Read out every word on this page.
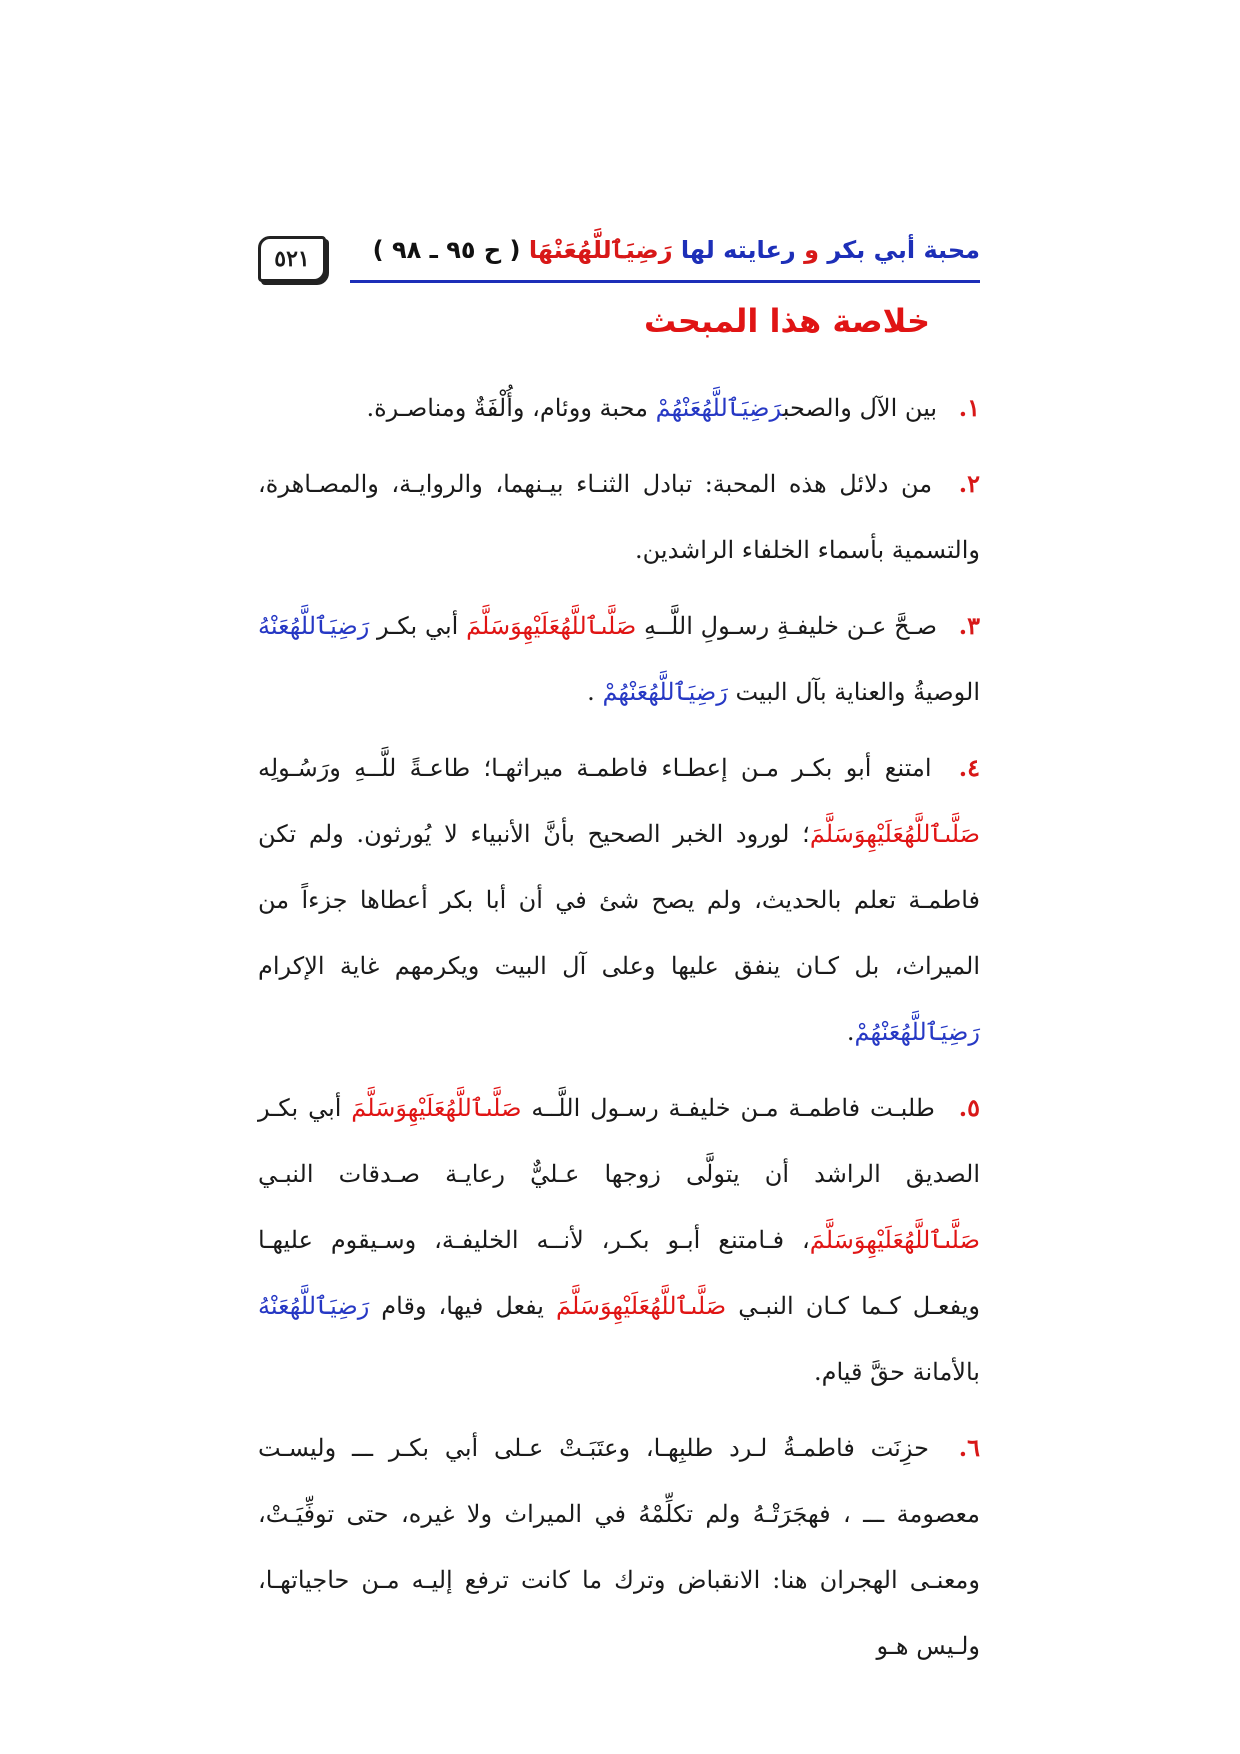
٥٢١	محبة أبي بكر و رعايته لها رَضِيَٱللَّهُعَنْهَا ( ح ٩٥ ـ ٩٨ )
خلاصة هذا المبحث

١. بين الآل والصحبرَضِيَٱللَّهُعَنْهُمْ محبة ووئام، وأُلْفَةٌ ومناصـرة.

٢. من دلائل هذه المحبة: تبادل الثنـاء بيـنهما، والروايـة، والمصـاهرة، والتسمية بأسماء الخلفاء الراشدين.

٣. صـحَّ عـن خليفـةِ رسـولِ اللَّــهِ صَلَّىٱللَّهُعَلَيْهِوَسَلَّمَ أبي بكـر رَضِيَٱللَّهُعَنْهُ الوصيةُ والعناية بآل البيت رَضِيَٱللَّهُعَنْهُمْ .

٤. امتنع أبو بكـر مـن إعطـاء فاطمـة ميراثهـا؛ طاعـةً للَّــهِ ورَسُـولِه صَلَّىٱللَّهُعَلَيْهِوَسَلَّمَ؛ لورود الخبر الصحيح بأنَّ الأنبياء لا يُورثون. ولم تكن فاطمـة تعلم بالحديث، ولم يصح شئ في أن أبا بكر أعطاها جزءاً من الميراث، بل كـان ينفق عليها وعلى آل البيت ويكرمهم غاية الإكرام رَضِيَٱللَّهُعَنْهُمْ.

٥. طلبـت فاطمـة مـن خليفـة رسـول اللَّــه صَلَّىٱللَّهُعَلَيْهِوَسَلَّمَ أبي بكـر الصديق الراشد أن يتولَّى زوجها عـليٌّ رعايـة صـدقات النبـي صَلَّىٱللَّهُعَلَيْهِوَسَلَّمَ، فـامتنع أبـو بكـر، لأنــه الخليفـة، وسـيقوم عليهـا ويفعـل كـما كـان النبـي صَلَّىٱللَّهُعَلَيْهِوَسَلَّمَ يفعل فيها، وقام رَضِيَٱللَّهُعَنْهُ بالأمانة حقَّ قيام.

٦. حزِنَت فاطمـةُ لـرد طلبِهـا، وعتَبَـتْ عـلى أبي بكـر ـــ وليسـت معصومة ـــ ، فهجَرَتْـهُ ولم تكلِّمْهُ في الميراث ولا غيره، حتى توفِّيَـتْ، ومعنـى الهجران هنا: الانقباض وترك ما كانت ترفع إليـه مـن حاجياتهـا، ولـيس هـو
